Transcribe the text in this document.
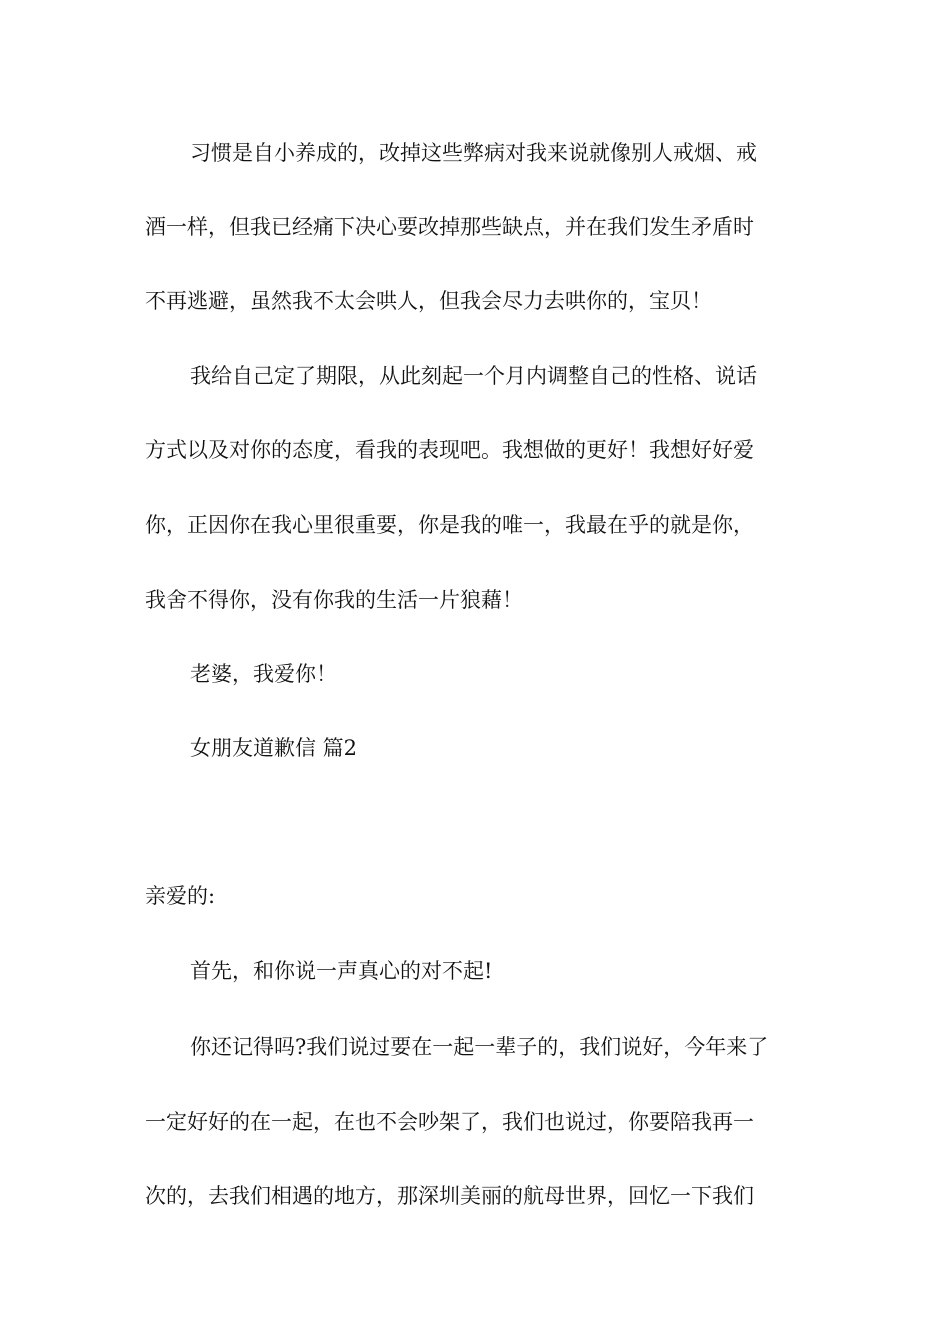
习惯是自小养成的，改掉这些弊病对我来说就像别人戒烟、戒
酒一样，但我已经痛下决心要改掉那些缺点，并在我们发生矛盾时
不再逃避，虽然我不太会哄人，但我会尽力去哄你的，宝贝！
我给自己定了期限，从此刻起一个月内调整自己的性格、说话
方式以及对你的态度，看我的表现吧。我想做的更好！我想好好爱
你，正因你在我心里很重要，你是我的唯一，我最在乎的就是你，
我舍不得你，没有你我的生活一片狼藉！
老婆，我爱你！
女朋友道歉信 篇2
亲爱的:
首先，和你说一声真心的对不起!
你还记得吗?我们说过要在一起一辈子的，我们说好，今年来了
一定好好的在一起，在也不会吵架了，我们也说过，你要陪我再一
次的，去我们相遇的地方，那深圳美丽的航母世界，回忆一下我们
